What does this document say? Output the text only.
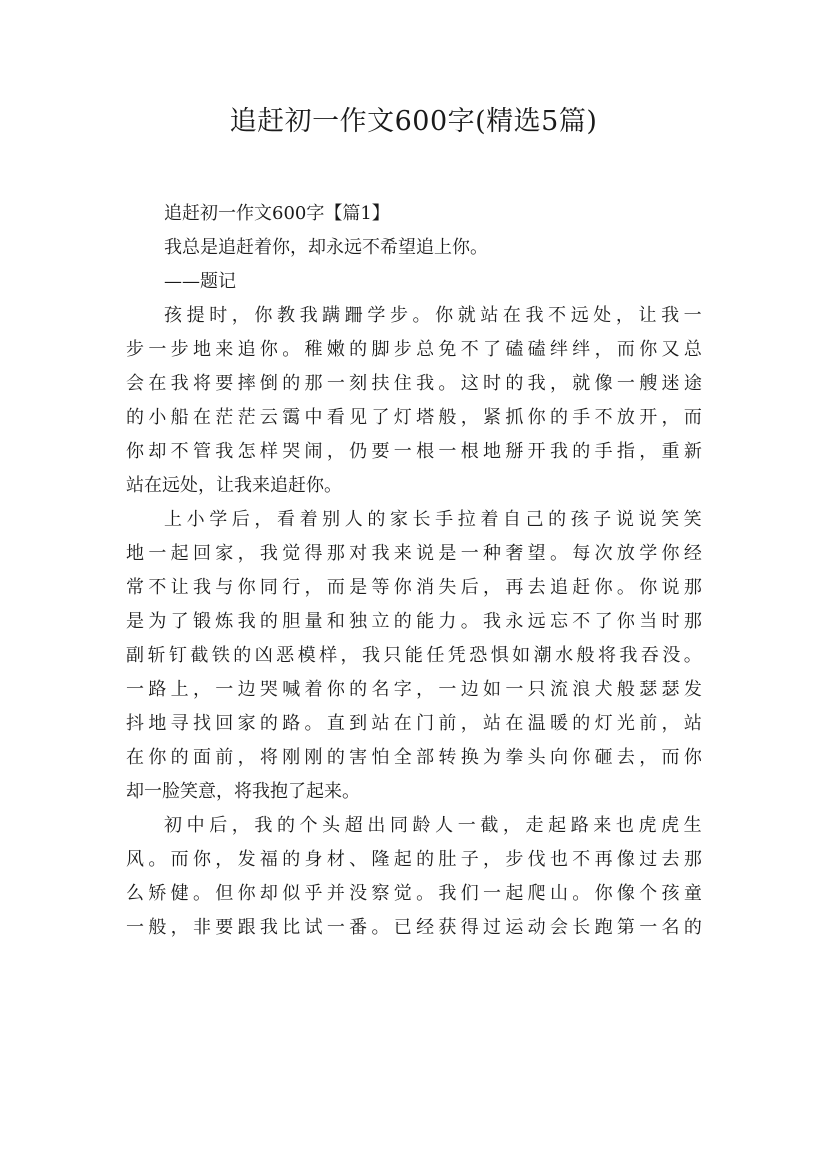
追赶初一作文600字(精选5篇)

追赶初一作文600字【篇1】

我总是追赶着你，却永远不希望追上你。

——题记

孩 提 时 ， 你 教 我 蹒 跚 学 步 。 你 就 站 在 我 不 远 处 ， 让 我 一

步 一 步 地 来 追 你 。 稚 嫩 的 脚 步 总 免 不 了 磕 磕 绊 绊 ， 而 你 又 总

会 在 我 将 要 摔 倒 的 那 一 刻 扶 住 我 。 这 时 的 我 ， 就 像 一 艘 迷 途

的 小 船 在 茫 茫 云 霭 中 看 见 了 灯 塔 般 ， 紧 抓 你 的 手 不 放 开 ， 而

你 却 不 管 我 怎 样 哭 闹 ， 仍 要 一 根 一 根 地 掰 开 我 的 手 指 ， 重 新

站在远处，让我来追赶你。

上 小 学 后 ， 看 着 别 人 的 家 长 手 拉 着 自 己 的 孩 子 说 说 笑 笑

地 一 起 回 家 ， 我 觉 得 那 对 我 来 说 是 一 种 奢 望 。 每 次 放 学 你 经

常 不 让 我 与 你 同 行 ， 而 是 等 你 消 失 后 ， 再 去 追 赶 你 。 你 说 那

是 为 了 锻 炼 我 的 胆 量 和 独 立 的 能 力 。 我 永 远 忘 不 了 你 当 时 那

副 斩 钉 截 铁 的 凶 恶 模 样 ， 我 只 能 任 凭 恐 惧 如 潮 水 般 将 我 吞 没 。

一 路 上 ， 一 边 哭 喊 着 你 的 名 字 ， 一 边 如 一 只 流 浪 犬 般 瑟 瑟 发

抖 地 寻 找 回 家 的 路 。 直 到 站 在 门 前 ， 站 在 温 暖 的 灯 光 前 ， 站

在 你 的 面 前 ， 将 刚 刚 的 害 怕 全 部 转 换 为 拳 头 向 你 砸 去 ， 而 你

却一脸笑意，将我抱了起来。

初 中 后 ， 我 的 个 头 超 出 同 龄 人 一 截 ， 走 起 路 来 也 虎 虎 生

风 。 而 你 ， 发 福 的 身 材 、 隆 起 的 肚 子 ， 步 伐 也 不 再 像 过 去 那

么 矫 健 。 但 你 却 似 乎 并 没 察 觉 。 我 们 一 起 爬 山 。 你 像 个 孩 童

一 般 ， 非 要 跟 我 比 试 一 番 。 已 经 获 得 过 运 动 会 长 跑 第 一 名 的
